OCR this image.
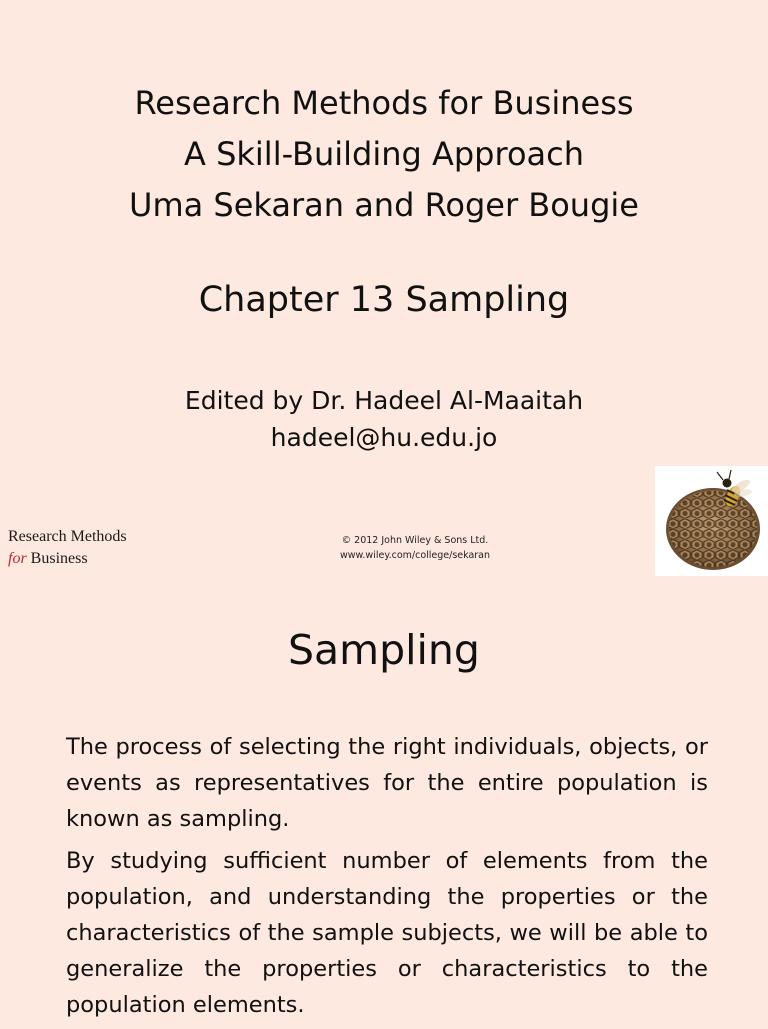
Research Methods for Business
A Skill-Building Approach
Uma Sekaran and Roger Bougie
Chapter 13 Sampling
Edited by Dr. Hadeel Al-Maaitah
hadeel@hu.edu.jo
Research Methods
for Business
© 2012 John Wiley & Sons Ltd.
www.wiley.com/college/sekaran
Sampling

The process of selecting the right individuals, objects, or events as representatives for the entire population is known as sampling.

By studying sufficient number of elements from the population, and understanding the properties or the characteristics of the sample subjects, we will be able to generalize the properties or characteristics to the population elements.
